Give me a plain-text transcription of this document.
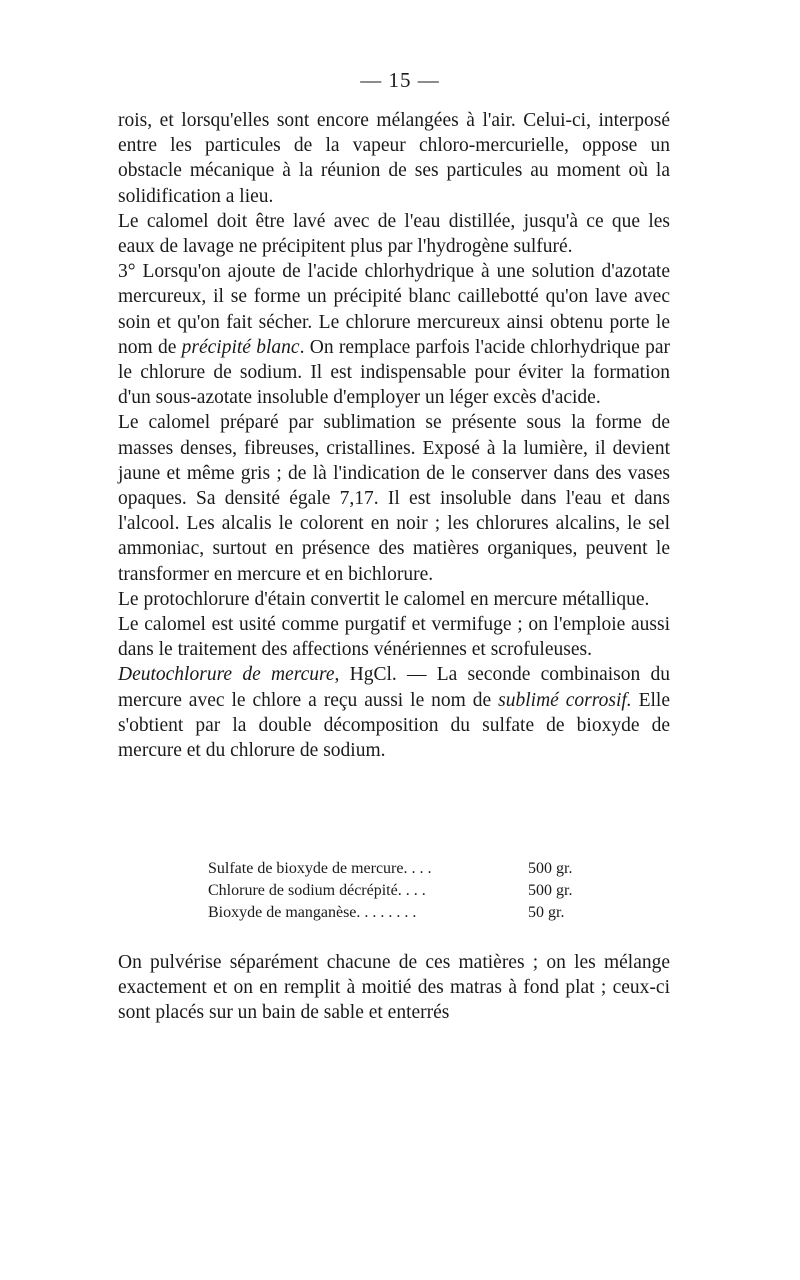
— 15 —

rois, et lorsqu'elles sont encore mélangées à l'air. Celui-ci, interposé entre les particules de la vapeur chloro-mercurielle, oppose un obstacle mécanique à la réunion de ses particules au moment où la solidification a lieu.

Le calomel doit être lavé avec de l'eau distillée, jusqu'à ce que les eaux de lavage ne précipitent plus par l'hydrogène sulfuré.

3° Lorsqu'on ajoute de l'acide chlorhydrique à une solution d'azotate mercureux, il se forme un précipité blanc caillebotté qu'on lave avec soin et qu'on fait sécher. Le chlorure mercureux ainsi obtenu porte le nom de précipité blanc. On remplace parfois l'acide chlorhydrique par le chlorure de sodium. Il est indispensable pour éviter la formation d'un sous-azotate insoluble d'employer un léger excès d'acide.

Le calomel préparé par sublimation se présente sous la forme de masses denses, fibreuses, cristallines. Exposé à la lumière, il devient jaune et même gris ; de là l'indication de le conserver dans des vases opaques. Sa densité égale 7,17. Il est insoluble dans l'eau et dans l'alcool. Les alcalis le colorent en noir ; les chlorures alcalins, le sel ammoniac, surtout en présence des matières organiques, peuvent le transformer en mercure et en bichlorure.

Le protochlorure d'étain convertit le calomel en mercure métallique.

Le calomel est usité comme purgatif et vermifuge ; on l'emploie aussi dans le traitement des affections vénériennes et scrofuleuses.

Deutochlorure de mercure, HgCl. — La seconde combinaison du mercure avec le chlore a reçu aussi le nom de sublimé corrosif. Elle s'obtient par la double décomposition du sulfate de bioxyde de mercure et du chlorure de sodium.

Sulfate de bioxyde de mercure. . . .	500 gr.
Chlorure de sodium décrépité. . . .	500 gr.
Bioxyde de manganèse. . . . . . . .	50 gr.

On pulvérise séparément chacune de ces matières ; on les mélange exactement et on en remplit à moitié des matras à fond plat ; ceux-ci sont placés sur un bain de sable et enterrés
